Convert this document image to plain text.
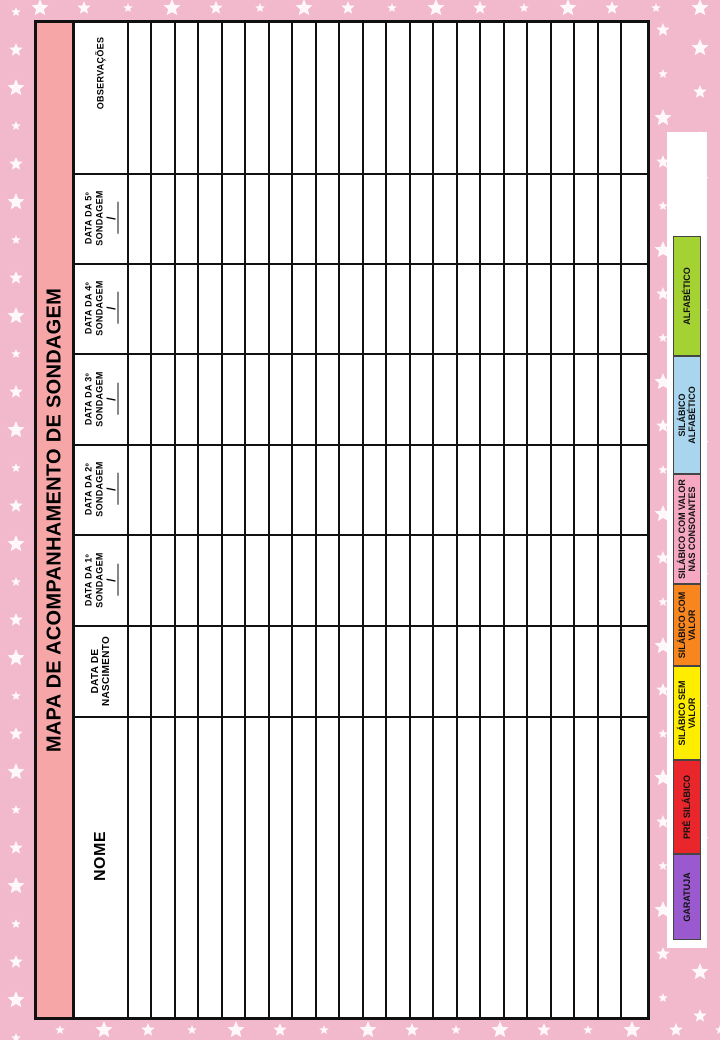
MAPA DE ACOMPANHAMENTO DE SONDAGEM
OBSERVAÇÕES
DATA DA 1º SONDAGEM /
DATA DA 2º SONDAGEM /
DATA DA 3º SONDAGEM /
DATA DA 4º SONDAGEM /
DATA DA 5º SONDAGEM /
DATA DE NASCIMENTO
NOME
GARATUJA
PRÉ SILÁBICO
SILÁBICO SEM VALOR
SILÁBICO COM VALOR
SILÁBICO COM VALOR NAS CONSOANTES
SILÁBICO ALFABÉTICO
ALFABÉTICO
